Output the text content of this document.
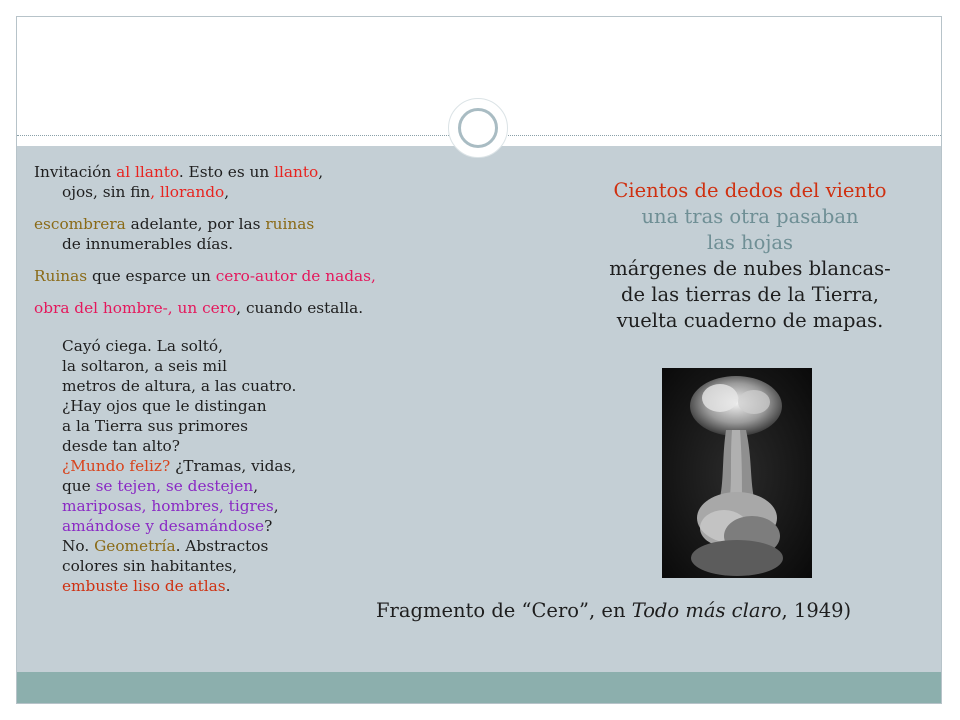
Invitación al llanto. Esto es un llanto,
ojos, sin fin, llorando,
escombrera adelante, por las ruinas
de innumerables días.
Ruinas que esparce un cero-autor de nadas,
obra del hombre-, un cero, cuando estalla.
Cayó ciega. La soltó,
la soltaron, a seis mil
metros de altura, a las cuatro.
¿Hay ojos que le distingan
a la Tierra sus primores
desde tan alto?
¿Mundo feliz? ¿Tramas, vidas,
que se tejen, se destejen,
mariposas, hombres, tigres,
amándose y desamándose?
No. Geometría. Abstractos
colores sin habitantes,
embuste liso de atlas.
Cientos de dedos del viento
una tras otra pasaban
las hojas
márgenes de nubes blancas-
de las tierras de la Tierra,
vuelta cuaderno de mapas.
Fragmento de “Cero”, en Todo más claro, 1949)
